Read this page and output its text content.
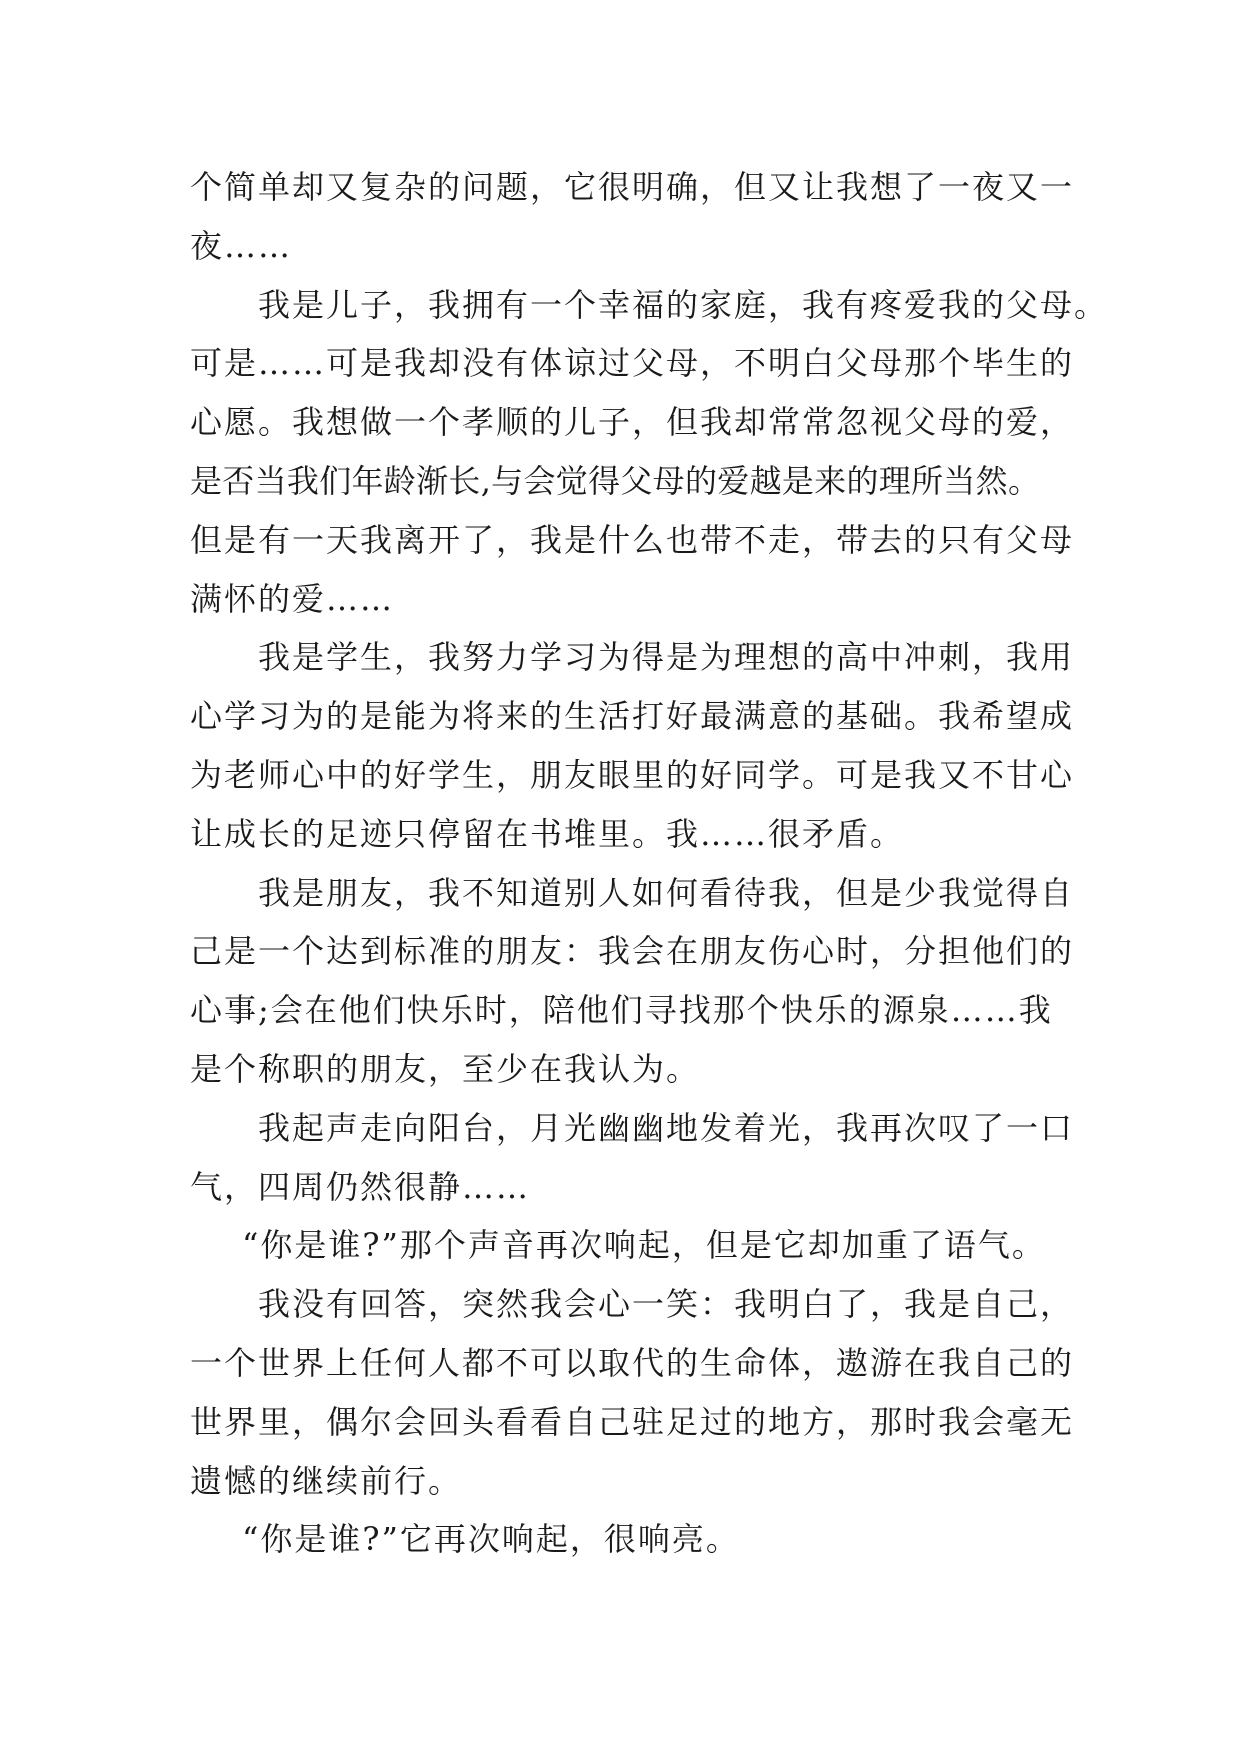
个简单却又复杂的问题，它很明确，但又让我想了一夜又一
夜……

我是儿子，我拥有一个幸福的家庭，我有疼爱我的父母。
可是……可是我却没有体谅过父母，不明白父母那个毕生的
心愿。我想做一个孝顺的儿子，但我却常常忽视父母的爱，
是否当我们年龄渐长,与会觉得父母的爱越是来的理所当然。
但是有一天我离开了，我是什么也带不走，带去的只有父母
满怀的爱……

我是学生，我努力学习为得是为理想的高中冲刺，我用
心学习为的是能为将来的生活打好最满意的基础。我希望成
为老师心中的好学生，朋友眼里的好同学。可是我又不甘心
让成长的足迹只停留在书堆里。我……很矛盾。

我是朋友，我不知道别人如何看待我，但是少我觉得自
己是一个达到标准的朋友：我会在朋友伤心时，分担他们的
心事;会在他们快乐时，陪他们寻找那个快乐的源泉……我
是个称职的朋友，至少在我认为。

我起声走向阳台，月光幽幽地发着光，我再次叹了一口
气，四周仍然很静……

“你是谁?”那个声音再次响起，但是它却加重了语气。

我没有回答，突然我会心一笑：我明白了，我是自己，
一个世界上任何人都不可以取代的生命体，遨游在我自己的
世界里，偶尔会回头看看自己驻足过的地方，那时我会毫无
遗憾的继续前行。

“你是谁?”它再次响起，很响亮。
